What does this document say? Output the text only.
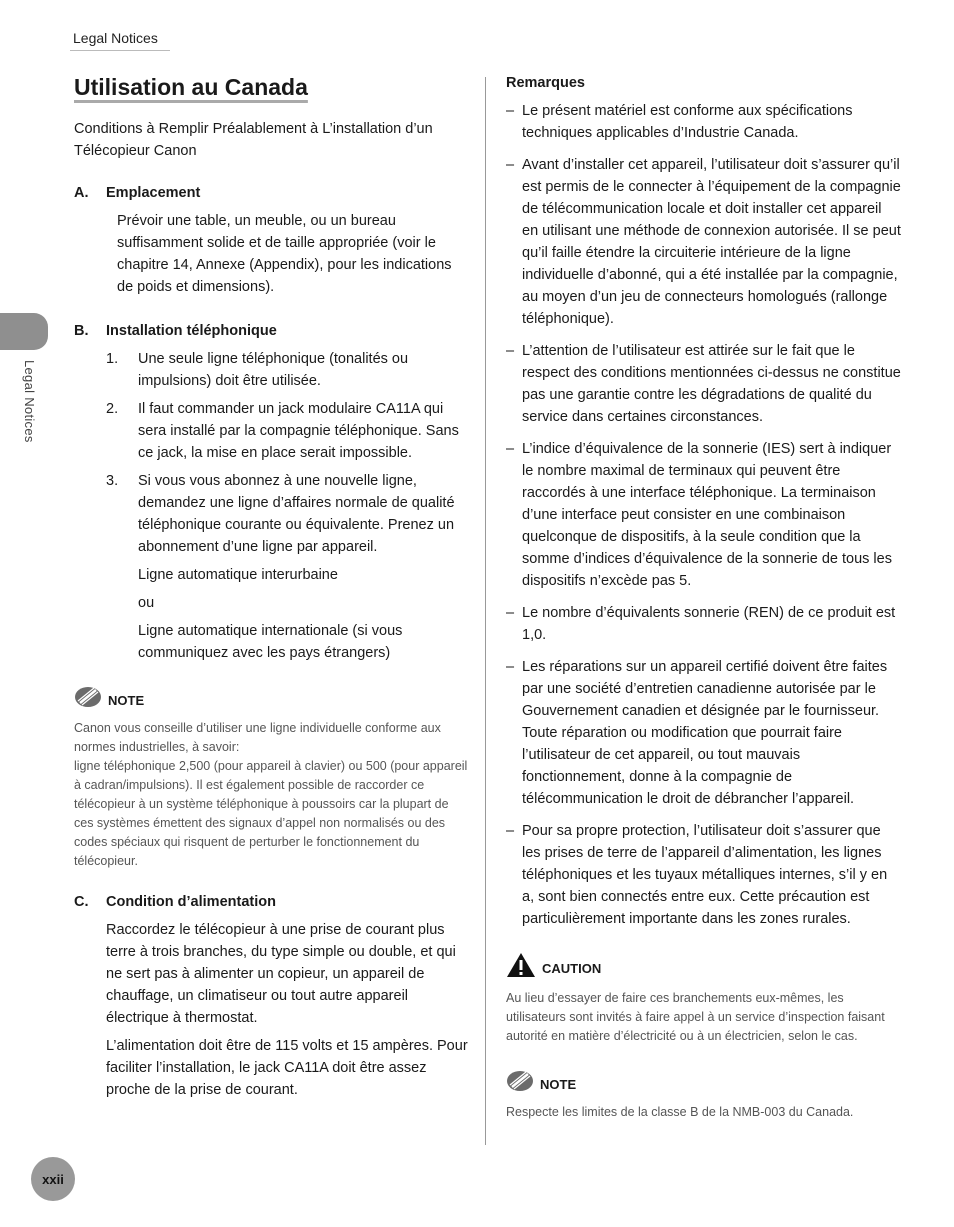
Legal Notices
Legal Notices
xxii
Utilisation au Canada

Conditions à Remplir Préalablement à L’installation d’un Télécopieur Canon

A.	Emplacement

Prévoir une table, un meuble, ou un bureau suffisamment solide et de taille appropriée (voir le chapitre 14, Annexe (Appendix), pour les indications de poids et dimensions).

B.	Installation téléphonique
1.	Une seule ligne téléphonique (tonalités ou impulsions) doit être utilisée.
2.	Il faut commander un jack modulaire CA11A qui sera installé par la compagnie téléphonique. Sans ce jack, la mise en place serait impossible.
3.	Si vous vous abonnez à une nouvelle ligne, demandez une ligne d’affaires normale de qualité téléphonique courante ou équivalente. Prenez un abonnement d’une ligne par appareil.

Ligne automatique interurbaine

ou

Ligne automatique internationale (si vous communiquez avec les pays étrangers)

NOTE

Canon vous conseille d’utiliser une ligne individuelle conforme aux normes industrielles, à savoir:

ligne téléphonique 2,500 (pour appareil à clavier) ou 500 (pour appareil à cadran/impulsions). Il est également possible de raccorder ce télécopieur à un système téléphonique à poussoirs car la plupart de ces systèmes émettent des signaux d’appel non normalisés ou des codes spéciaux qui risquent de perturber le fonctionnement du télécopieur.

C.	Condition d’alimentation

Raccordez le télécopieur à une prise de courant plus terre à trois branches, du type simple ou double, et qui ne sert pas à alimenter un copieur, un appareil de chauffage, un climatiseur ou tout autre appareil électrique à thermostat.

L’alimentation doit être de 115 volts et 15 ampères. Pour faciliter l’installation, le jack CA11A doit être assez proche de la prise de courant.

Remarques

– Le présent matériel est conforme aux spécifications techniques applicables d’Industrie Canada.
– Avant d’installer cet appareil, l’utilisateur doit s’assurer qu’il est permis de le connecter à l’équipement de la compagnie de télécommunication locale et doit installer cet appareil en utilisant une méthode de connexion autorisée. Il se peut qu’il faille étendre la circuiterie intérieure de la ligne individuelle d’abonné, qui a été installée par la compagnie, au moyen d’un jeu de connecteurs homologués (rallonge téléphonique).
– L’attention de l’utilisateur est attirée sur le fait que le respect des conditions mentionnées ci-dessus ne constitue pas une garantie contre les dégradations de qualité du service dans certaines circonstances.
– L’indice d’équivalence de la sonnerie (IES) sert à indiquer le nombre maximal de terminaux qui peuvent être raccordés à une interface téléphonique. La terminaison d’une interface peut consister en une combinaison quelconque de dispositifs, à la seule condition que la somme d’indices d’équivalence de la sonnerie de tous les dispositifs n’excède pas 5.
– Le nombre d’équivalents sonnerie (REN) de ce produit est 1,0.
– Les réparations sur un appareil certifié doivent être faites par une société d’entretien canadienne autorisée par le Gouvernement canadien et désignée par le fournisseur. Toute réparation ou modification que pourrait faire l’utilisateur de cet appareil, ou tout mauvais fonctionnement, donne à la compagnie de télécommunication le droit de débrancher l’appareil.
– Pour sa propre protection, l’utilisateur doit s’assurer que les prises de terre de l’appareil d’alimentation, les lignes téléphoniques et les tuyaux métalliques internes, s’il y en a, sont bien connectés entre eux. Cette précaution est particulièrement importante dans les zones rurales.
CAUTION

Au lieu d’essayer de faire ces branchements eux-mêmes, les utilisateurs sont invités à faire appel à un service d’inspection faisant autorité en matière d’électricité ou à un électricien, selon le cas.

NOTE

Respecte les limites de la classe B de la NMB-003 du Canada.
